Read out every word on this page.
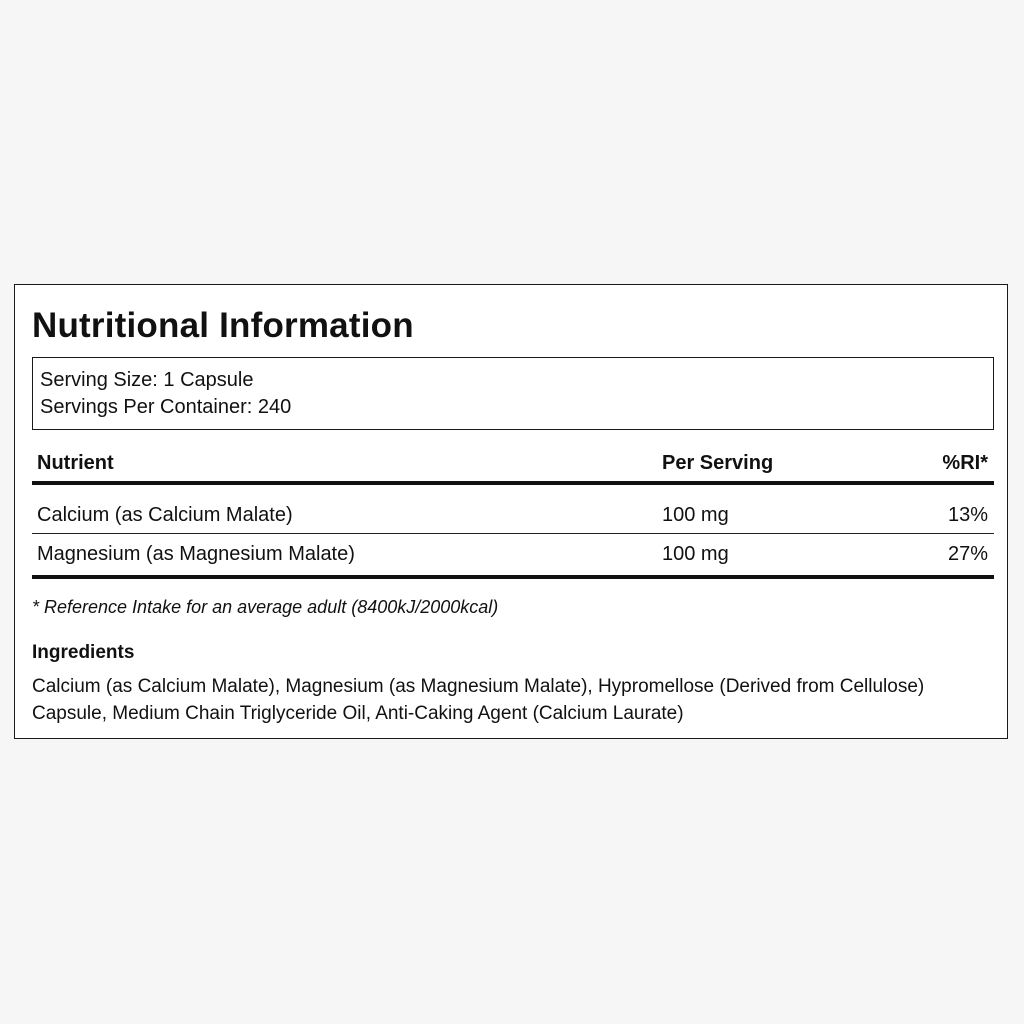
Nutritional Information
Serving Size: 1 Capsule
Servings Per Container: 240
Nutrient	Per Serving	%RI*
Calcium (as Calcium Malate)	100 mg	13%
Magnesium (as Magnesium Malate)	100 mg	27%
* Reference Intake for an average adult (8400kJ/2000kcal)
Ingredients
Calcium (as Calcium Malate), Magnesium (as Magnesium Malate), Hypromellose (Derived from Cellulose) Capsule, Medium Chain Triglyceride Oil, Anti-Caking Agent (Calcium Laurate)
